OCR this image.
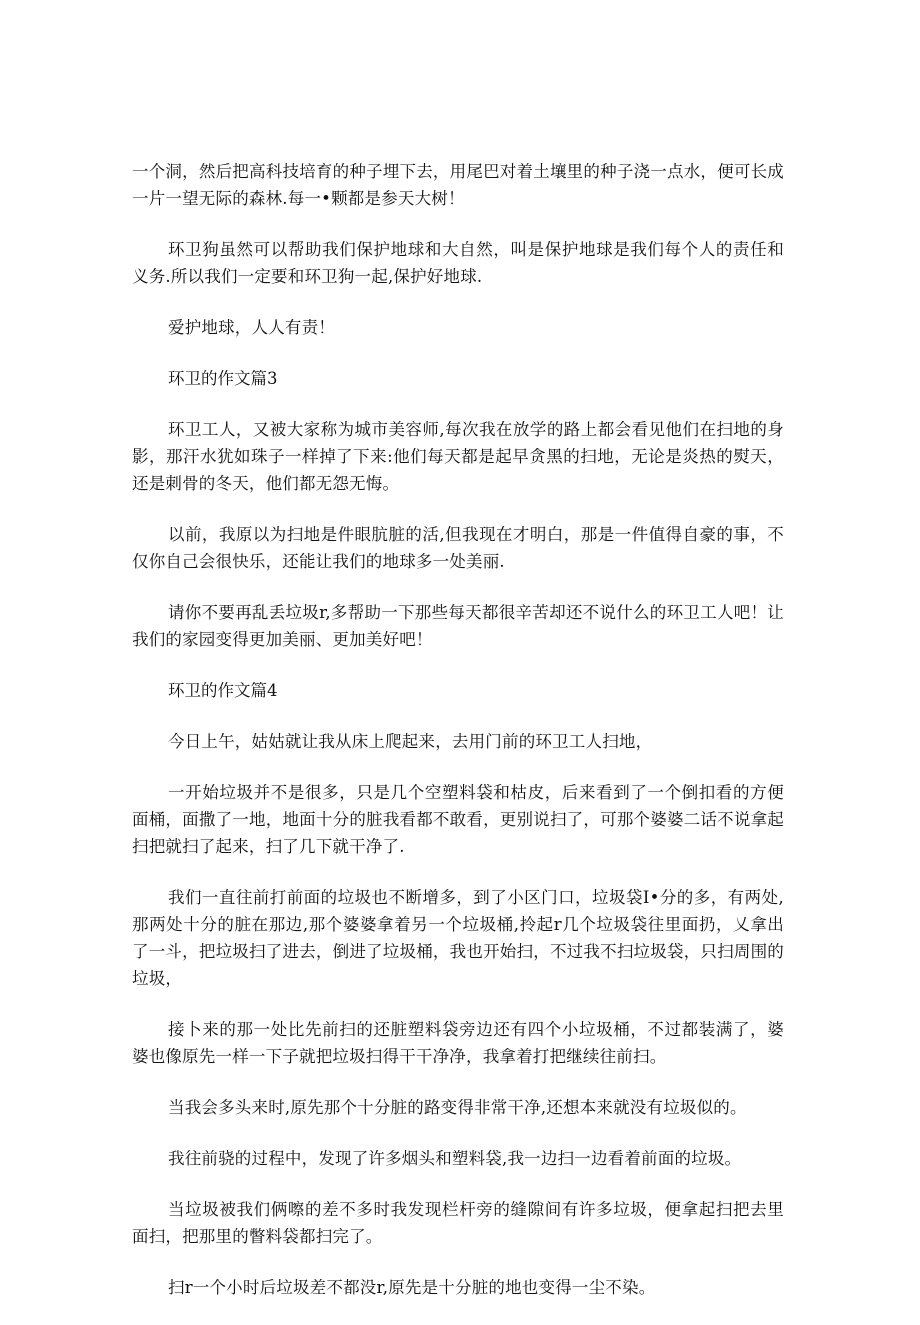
一个洞，然后把高科技培育的种子埋下去，用尾巴对着土壤里的种子浇一点水，便可长成一片一望无际的森林.每一•颗都是参天大树！

环卫狗虽然可以帮助我们保护地球和大自然，叫是保护地球是我们每个人的责任和义务.所以我们一定要和环卫狗一起,保护好地球.

爱护地球，人人有责！

环卫的作文篇3

环卫工人，又被大家称为城市美容师,每次我在放学的路上都会看见他们在扫地的身影，那汗水犹如珠子一样掉了下来:他们每天都是起早贪黑的扫地，无论是炎热的熨天，还是刺骨的冬天，他们都无怨无悔。

以前，我原以为扫地是件眼肮脏的活,但我现在才明白，那是一件值得自豪的事，不仅你自己会很快乐，还能让我们的地球多一处美丽.

请你不要再乱丢垃圾r,多帮助一下那些每天都很辛苦却还不说什么的环卫工人吧！让我们的家园变得更加美丽、更加美好吧！

环卫的作文篇4

今日上午，姑姑就让我从床上爬起来，去用门前的环卫工人扫地，

一开始垃圾并不是很多，只是几个空塑料袋和枯皮，后来看到了一个倒扣看的方便面桶，面撒了一地，地面十分的脏我看都不敢看，更别说扫了，可那个婆婆二话不说拿起扫把就扫了起来，扫了几下就干净了.

我们一直往前打前面的垃圾也不断增多，到了小区门口，垃圾袋I•分的多，有两处,那两处十分的脏在那边,那个婆婆拿着另一个垃圾桶,拎起r几个垃圾袋往里面扔，乂拿出了一斗，把垃圾扫了进去，倒进了垃圾桶，我也开始扫，不过我不扫垃圾袋，只扫周围的垃圾，

接卜来的那一处比先前扫的还脏塑料袋旁边还有四个小垃圾桶，不过都装满了，婆婆也像原先一样一下子就把垃圾扫得干干净净，我拿着打把继续往前扫。

当我会多头来时,原先那个十分脏的路变得非常干净,还想本来就没有垃圾似的。

我往前骁的过程中，发现了许多烟头和塑料袋,我一边扫一边看着前面的垃圾。

当垃圾被我们俩嚓的差不多时我发现栏杆旁的缝隙间有许多垃圾，便拿起扫把去里面扫，把那里的瞥料袋都扫完了。

扫r一个小时后垃圾差不都没r,原先是十分脏的地也变得一尘不染。
